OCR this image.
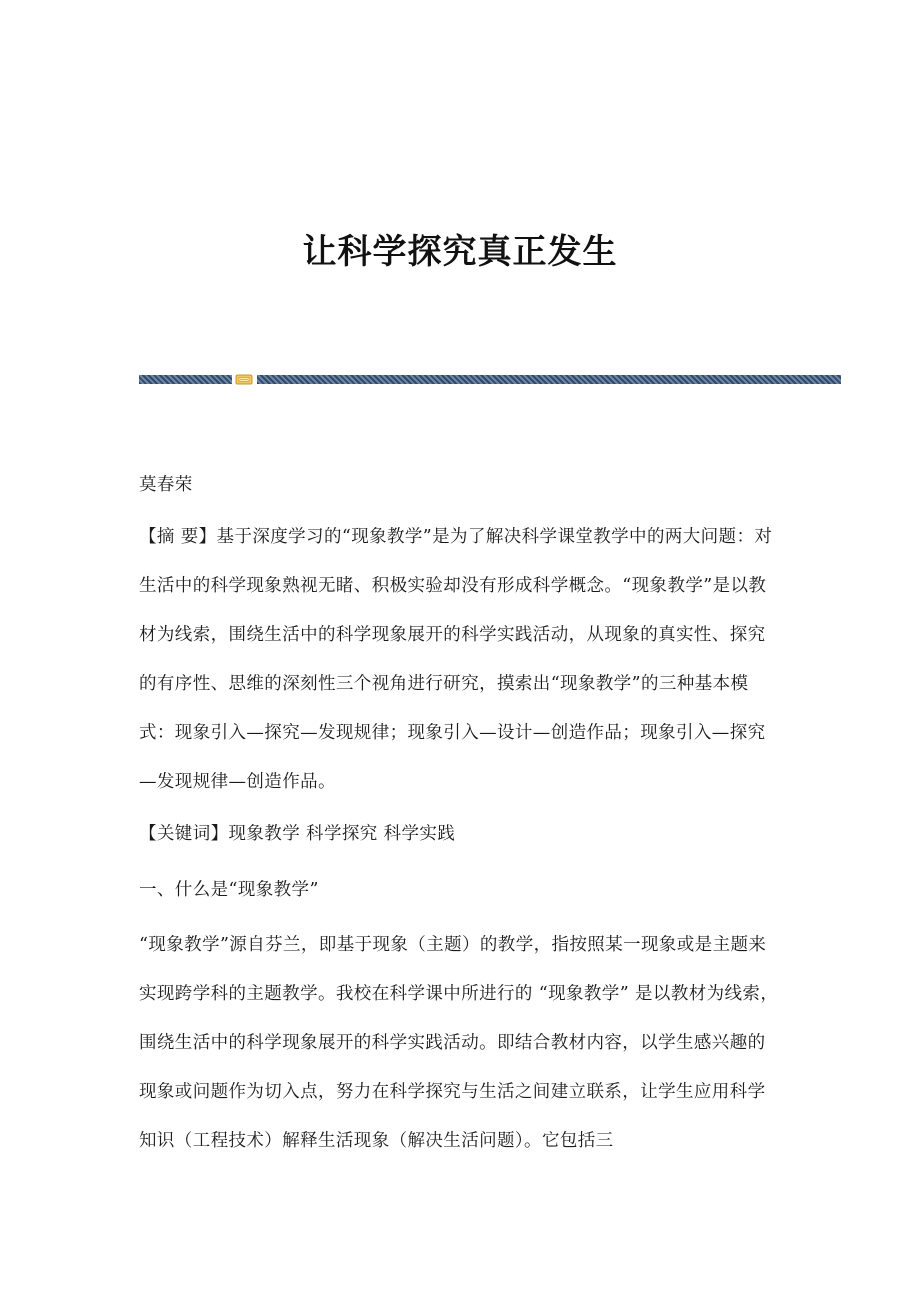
让科学探究真正发生

莫春荣

【摘 要】基于深度学习的“现象教学”是为了解决科学课堂教学中的两大问题：对生活中的科学现象熟视无睹、积极实验却没有形成科学概念。“现象教学”是以教材为线索，围绕生活中的科学现象展开的科学实践活动，从现象的真实性、探究的有序性、思维的深刻性三个视角进行研究，摸索出“现象教学”的三种基本模式：现象引入—探究—发现规律；现象引入—设计—创造作品；现象引入—探究—发现规律—创造作品。

【关键词】现象教学 科学探究 科学实践

一、什么是“现象教学”

“现象教学”源自芬兰，即基于现象（主题）的教学，指按照某一现象或是主题来实现跨学科的主题教学。我校在科学课中所进行的 “现象教学” 是以教材为线索，围绕生活中的科学现象展开的科学实践活动。即结合教材内容，以学生感兴趣的现象或问题作为切入点，努力在科学探究与生活之间建立联系，让学生应用科学知识（工程技术）解释生活现象（解决生活问题）。它包括三
